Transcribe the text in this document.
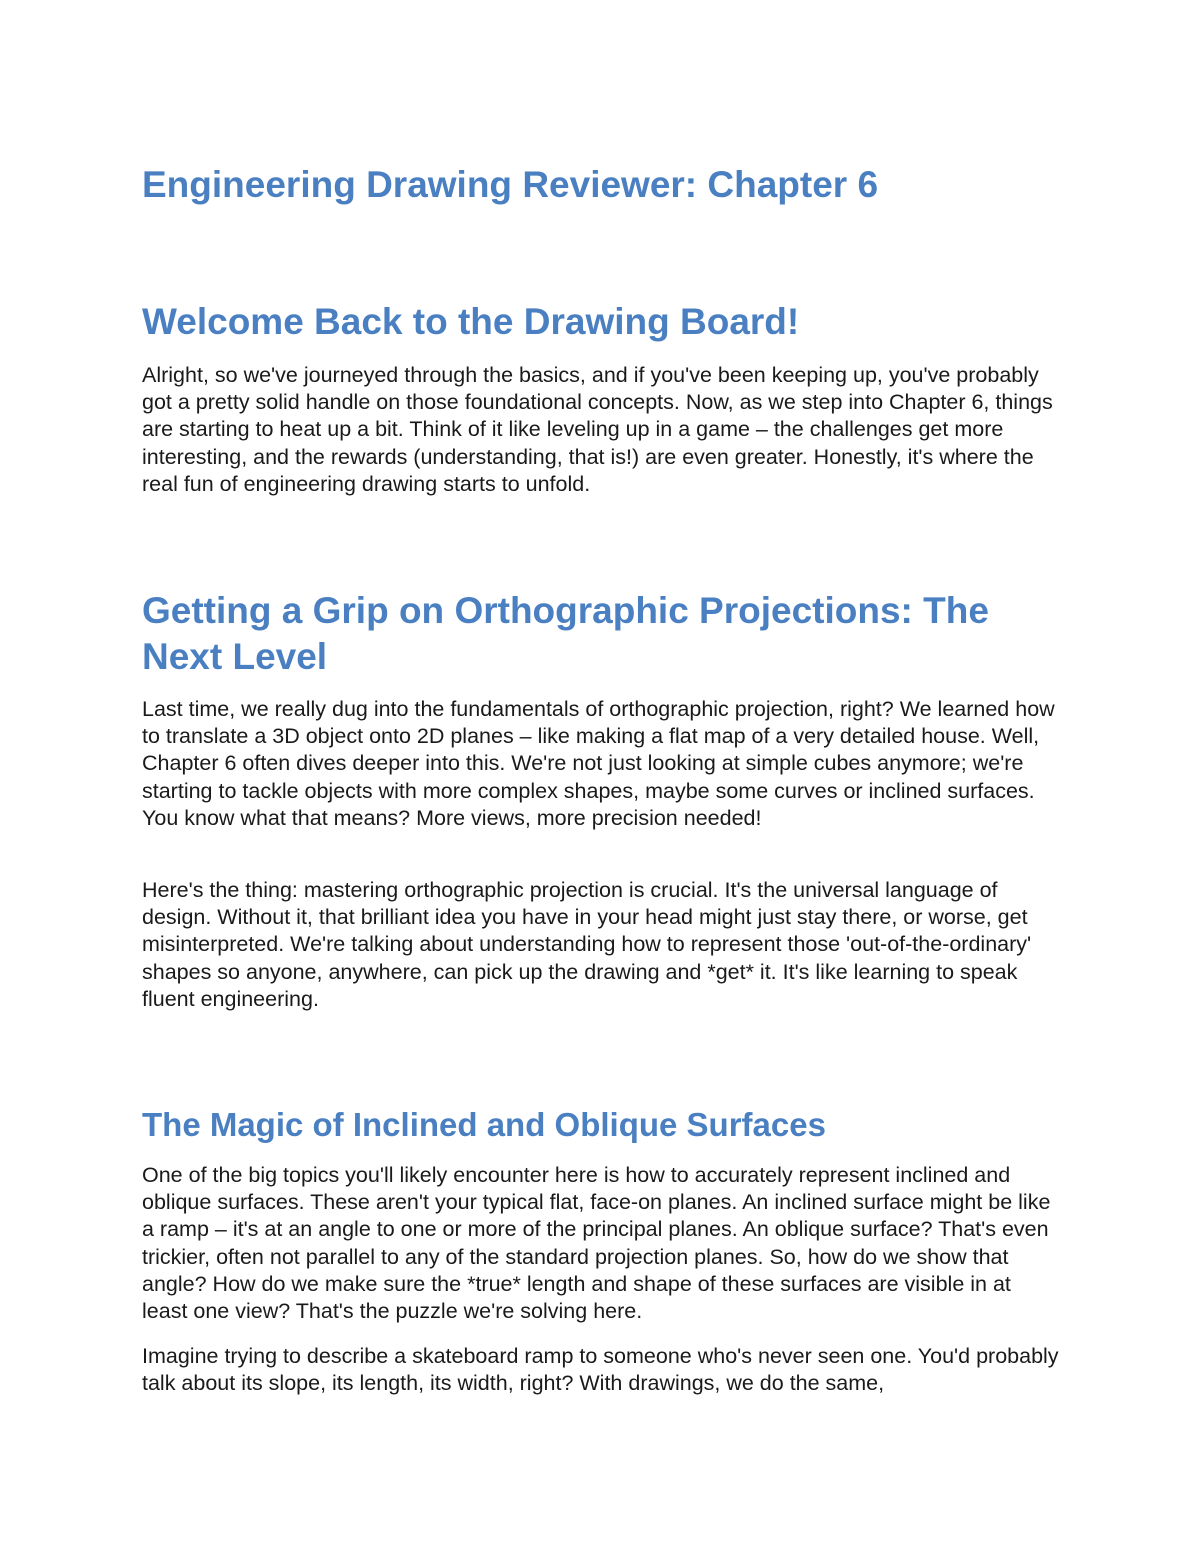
Engineering Drawing Reviewer: Chapter 6
Welcome Back to the Drawing Board!

Alright, so we've journeyed through the basics, and if you've been keeping up, you've probably got a pretty solid handle on those foundational concepts. Now, as we step into Chapter 6, things are starting to heat up a bit. Think of it like leveling up in a game – the challenges get more interesting, and the rewards (understanding, that is!) are even greater. Honestly, it's where the real fun of engineering drawing starts to unfold.

Getting a Grip on Orthographic Projections: The Next Level

Last time, we really dug into the fundamentals of orthographic projection, right? We learned how to translate a 3D object onto 2D planes – like making a flat map of a very detailed house. Well, Chapter 6 often dives deeper into this. We're not just looking at simple cubes anymore; we're starting to tackle objects with more complex shapes, maybe some curves or inclined surfaces. You know what that means? More views, more precision needed!

Here's the thing: mastering orthographic projection is crucial. It's the universal language of design. Without it, that brilliant idea you have in your head might just stay there, or worse, get misinterpreted. We're talking about understanding how to represent those 'out-of-the-ordinary' shapes so anyone, anywhere, can pick up the drawing and *get* it. It's like learning to speak fluent engineering.

The Magic of Inclined and Oblique Surfaces

One of the big topics you'll likely encounter here is how to accurately represent inclined and oblique surfaces. These aren't your typical flat, face-on planes. An inclined surface might be like a ramp – it's at an angle to one or more of the principal planes. An oblique surface? That's even trickier, often not parallel to any of the standard projection planes. So, how do we show that angle? How do we make sure the *true* length and shape of these surfaces are visible in at least one view? That's the puzzle we're solving here.

Imagine trying to describe a skateboard ramp to someone who's never seen one. You'd probably talk about its slope, its length, its width, right? With drawings, we do the same,
